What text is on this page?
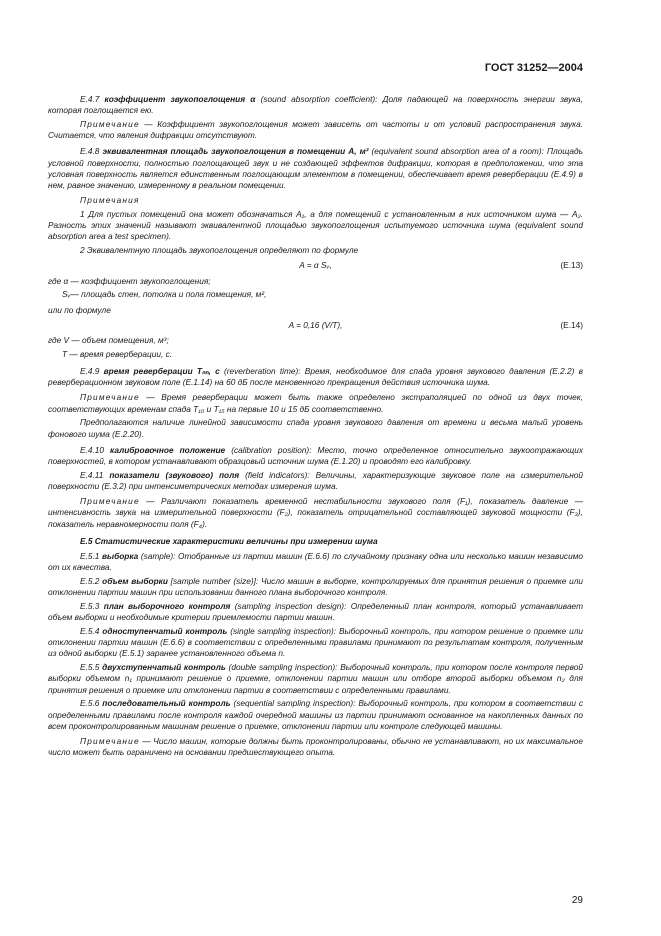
ГОСТ 31252—2004

Е.4.7 коэффициент звукопоглощения α (sound absorption coefficient): Доля падающей на поверхность энергии звука, которая поглощается ею.

Примечание — Коэффициент звукопоглощения может зависеть от частоты и от условий распространения звука. Считается, что явления дифракции отсутствуют.

Е.4.8 эквивалентная площадь звукопоглощения в помещении A, м² (equivalent sound absorption area of a room): Площадь условной поверхности, полностью поглощающей звук и не создающей эффектов дифракции, которая в предположении, что эта условная поверхность является единственным поглощающим элементом в помещении, обеспечивает время реверберации (Е.4.9) в нем, равное значению, измеренному в реальном помещении.

Примечания

1 Для пустых помещений она может обозначаться A₁, а для помещений с установленным в них источником шума — A₂. Разность этих значений называют эквивалентной площадью звукопоглощения испытуемого источника шума (equivalent sound absorption area a test specimen).

2 Эквивалентную площадь звукопоглощения определяют по формуле

A = α Sᵥ,	(Е.13)

где α — коэффициент звукопоглощения;

Sᵥ— площадь стен, потолка и пола помещения, м²,

или по формуле

A = 0,16 (V/T),	(Е.14)

где V — объем помещения, м³;

T — время реверберации, с.

Е.4.9 время реверберации Tₙₙ, с (reverberation time): Время, необходимое для спада уровня звукового давления (Е.2.2) в реверберационном звуковом поле (Е.1.14) на 60 дБ после мгновенного прекращения действия источника шума.

Примечание — Время реверберации может быть также определено экстраполяцией по одной из двух точек, соответствующих временам спада T₁₀ и T₁₅ на первые 10 и 15 дБ соответственно.

Предполагаются наличие линейной зависимости спада уровня звукового давления от времени и весьма малый уровень фонового шума (Е.2.20).

Е.4.10 калибровочное положение (calibration position): Место, точно определенное относительно звукоотражающих поверхностей, в котором устанавливают образцовый источник шума (Е.1.20) и проводят его калибровку.

Е.4.11 показатели (звукового) поля (field indicators): Величины, характеризующие звуковое поле на измерительной поверхности (Е.3.2) при интенсиметрических методах измерения шума.

Примечание — Различают показатель временной нестабильности звукового поля (F₁), показатель давление — интенсивность звука на измерительной поверхности (F₂), показатель отрицательной составляющей звуковой мощности (F₃), показатель неравномерности поля (F₄).

Е.5 Статистические характеристики величины при измерении шума

Е.5.1 выборка (sample): Отобранные из партии машин (Е.6.6) по случайному признаку одна или несколько машин независимо от их качества.

Е.5.2 объем выборки [sample number (size)]: Число машин в выборке, контролируемых для принятия решения о приемке или отклонении партии машин при использовании данного плана выборочного контроля.

Е.5.3 план выборочного контроля (sampling inspection design): Определенный план контроля, который устанавливает объем выборки и необходимые критерии приемлемости партии машин.

Е.5.4 одноступенчатый контроль (single sampling inspection): Выборочный контроль, при котором решение о приемке или отклонении партии машин (Е.6.6) в соответствии с определенными правилами принимают по результатам контроля, полученным из одной выборки (Е.5.1) заранее установленного объема n.

Е.5.5 двухступенчатый контроль (double sampling inspection): Выборочный контроль, при котором после контроля первой выборки объемом n₁ принимают решение о приемке, отклонении партии машин или отборе второй выборки объемом n₂ для принятия решения о приемке или отклонении партии в соответствии с определенными правилами.

Е.5.6 последовательный контроль (sequential sampling inspection): Выборочный контроль, при котором в соответствии с определенными правилами после контроля каждой очередной машины из партии принимают основанное на накопленных данных по всем проконтролированным машинам решение о приемке, отклонении партии или контроле следующей машины.

Примечание — Число машин, которые должны быть проконтролированы, обычно не устанавливают, но их максимальное число может быть ограничено на основании предшествующего опыта.

29
